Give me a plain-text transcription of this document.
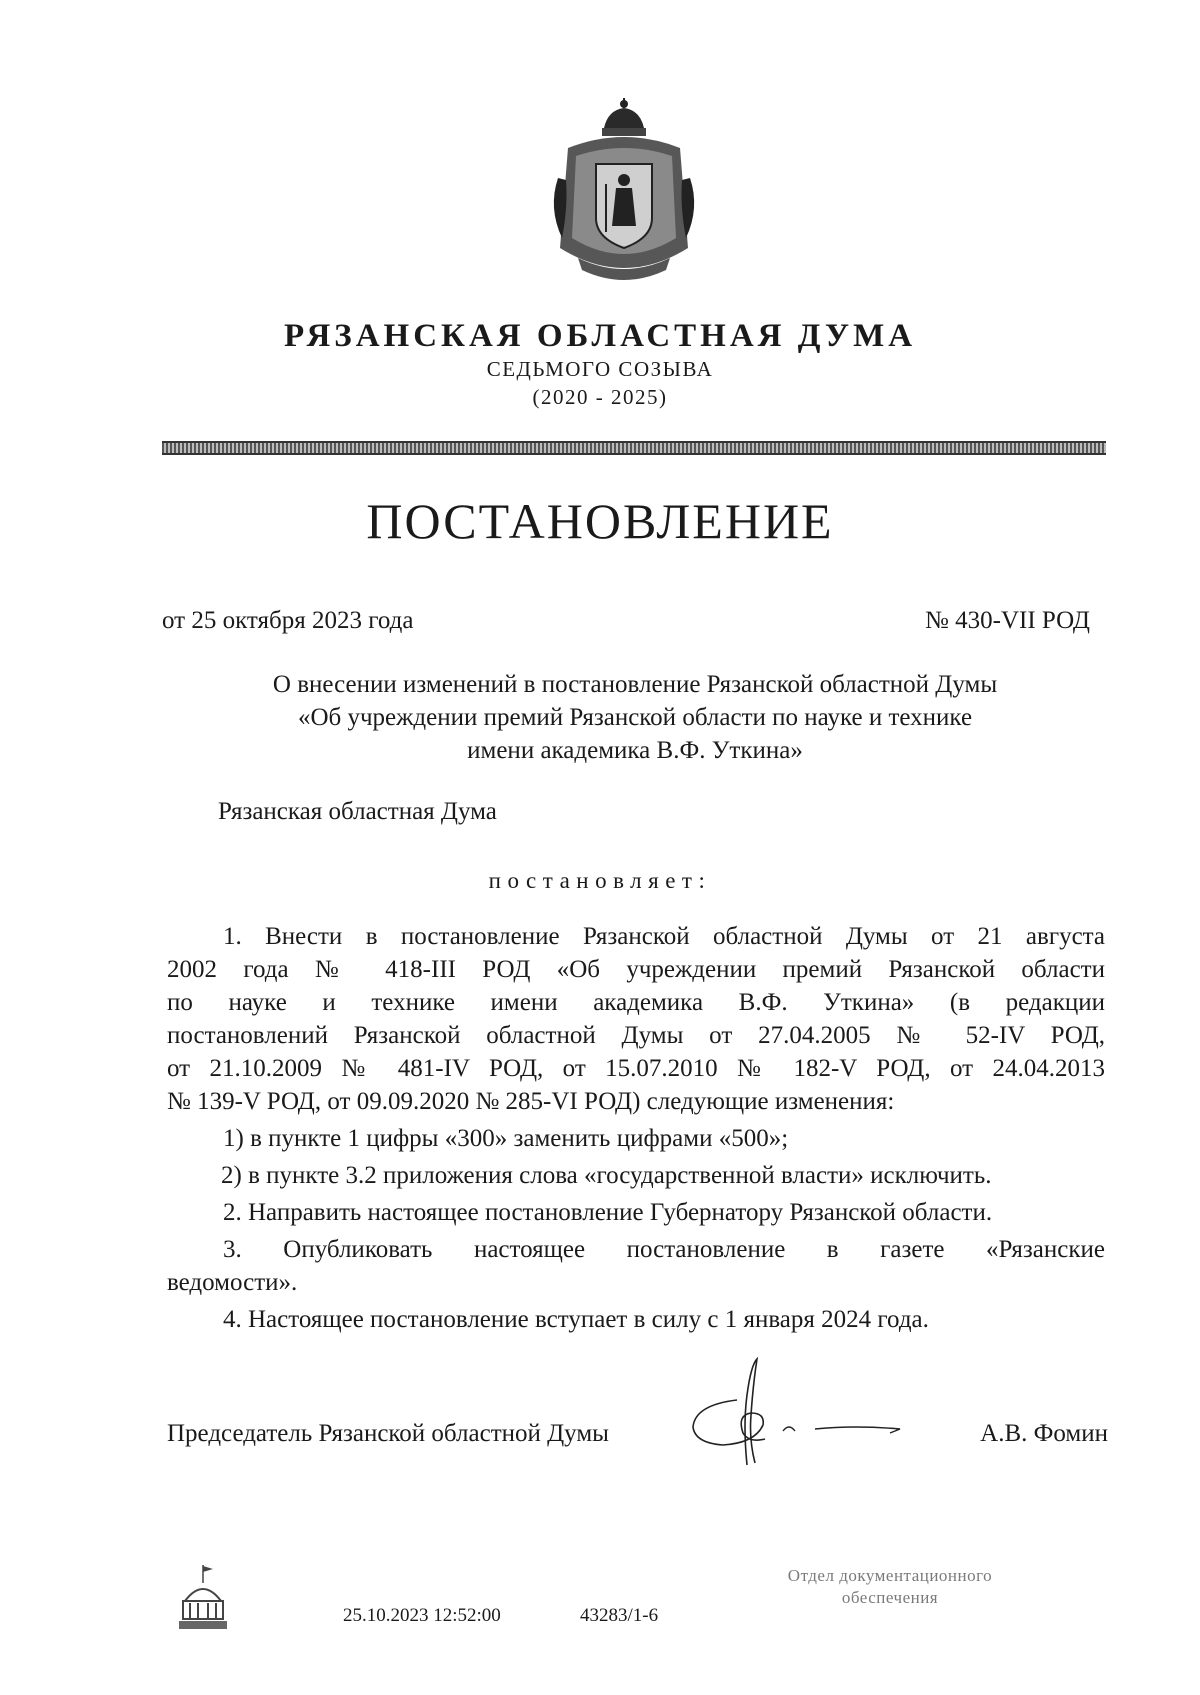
РЯЗАНСКАЯ ОБЛАСТНАЯ ДУМА
СЕДЬМОГО СОЗЫВА
(2020 - 2025)
ПОСТАНОВЛЕНИЕ
от 25 октября 2023 года	№ 430-VII РОД
О внесении изменений в постановление Рязанской областной Думы
«Об учреждении премий Рязанской области по науке и технике
имени академика В.Ф. Уткина»
Рязанская областная Дума
постановляет:
1. Внести в постановление Рязанской областной Думы от 21 августа
2002 года № 418-III РОД «Об учреждении премий Рязанской области
по науке и технике имени академика В.Ф. Уткина» (в редакции
постановлений Рязанской областной Думы от 27.04.2005 № 52-IV РОД,
от 21.10.2009 № 481-IV РОД, от 15.07.2010 № 182-V РОД, от 24.04.2013
№ 139-V РОД, от 09.09.2020 № 285-VI РОД) следующие изменения:
1) в пункте 1 цифры «300» заменить цифрами «500»;
2) в пункте 3.2 приложения слова «государственной власти» исключить.
2. Направить настоящее постановление Губернатору Рязанской области.
3. Опубликовать настоящее постановление в газете «Рязанские
ведомости».
4. Настоящее постановление вступает в силу с 1 января 2024 года.
Председатель Рязанской областной Думы	А.В. Фомин
25.10.2023 12:52:00	43283/1-6
Отдел документационного
обеспечения
